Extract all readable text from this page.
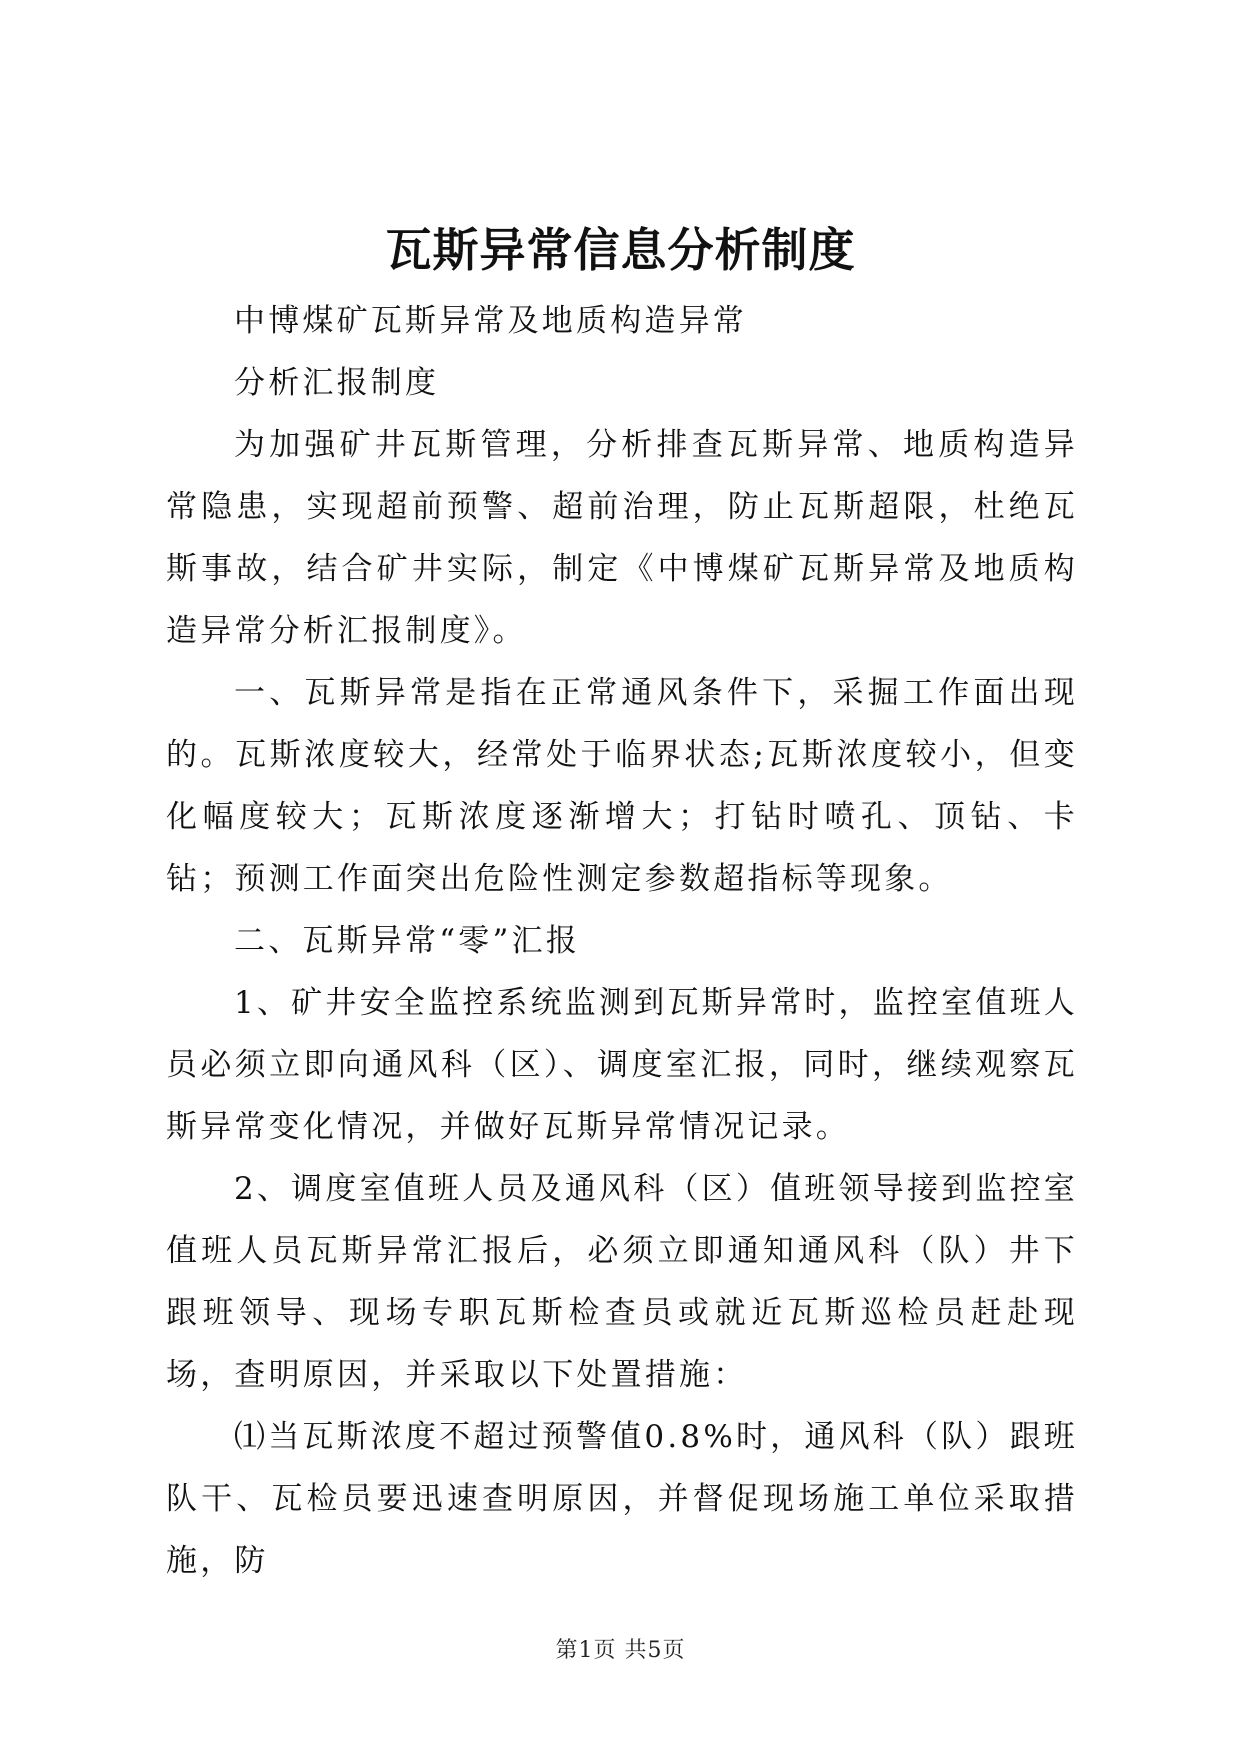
瓦斯异常信息分析制度

中博煤矿瓦斯异常及地质构造异常

分析汇报制度

为加强矿井瓦斯管理，分析排查瓦斯异常、地质构造异常隐患，实现超前预警、超前治理，防止瓦斯超限，杜绝瓦斯事故，结合矿井实际，制定《中博煤矿瓦斯异常及地质构造异常分析汇报制度》。

一、瓦斯异常是指在正常通风条件下，采掘工作面出现的。瓦斯浓度较大，经常处于临界状态;瓦斯浓度较小，但变化幅度较大；瓦斯浓度逐渐增大；打钻时喷孔、顶钻、卡钻；预测工作面突出危险性测定参数超指标等现象。

二、瓦斯异常“零”汇报

1、矿井安全监控系统监测到瓦斯异常时，监控室值班人员必须立即向通风科（区）、调度室汇报，同时，继续观察瓦斯异常变化情况，并做好瓦斯异常情况记录。

2、调度室值班人员及通风科（区）值班领导接到监控室值班人员瓦斯异常汇报后，必须立即通知通风科（队）井下跟班领导、现场专职瓦斯检查员或就近瓦斯巡检员赶赴现场，查明原因，并采取以下处置措施：

⑴当瓦斯浓度不超过预警值0.8%时，通风科（队）跟班队干、瓦检员要迅速查明原因，并督促现场施工单位采取措施，防

第1页 共5页
